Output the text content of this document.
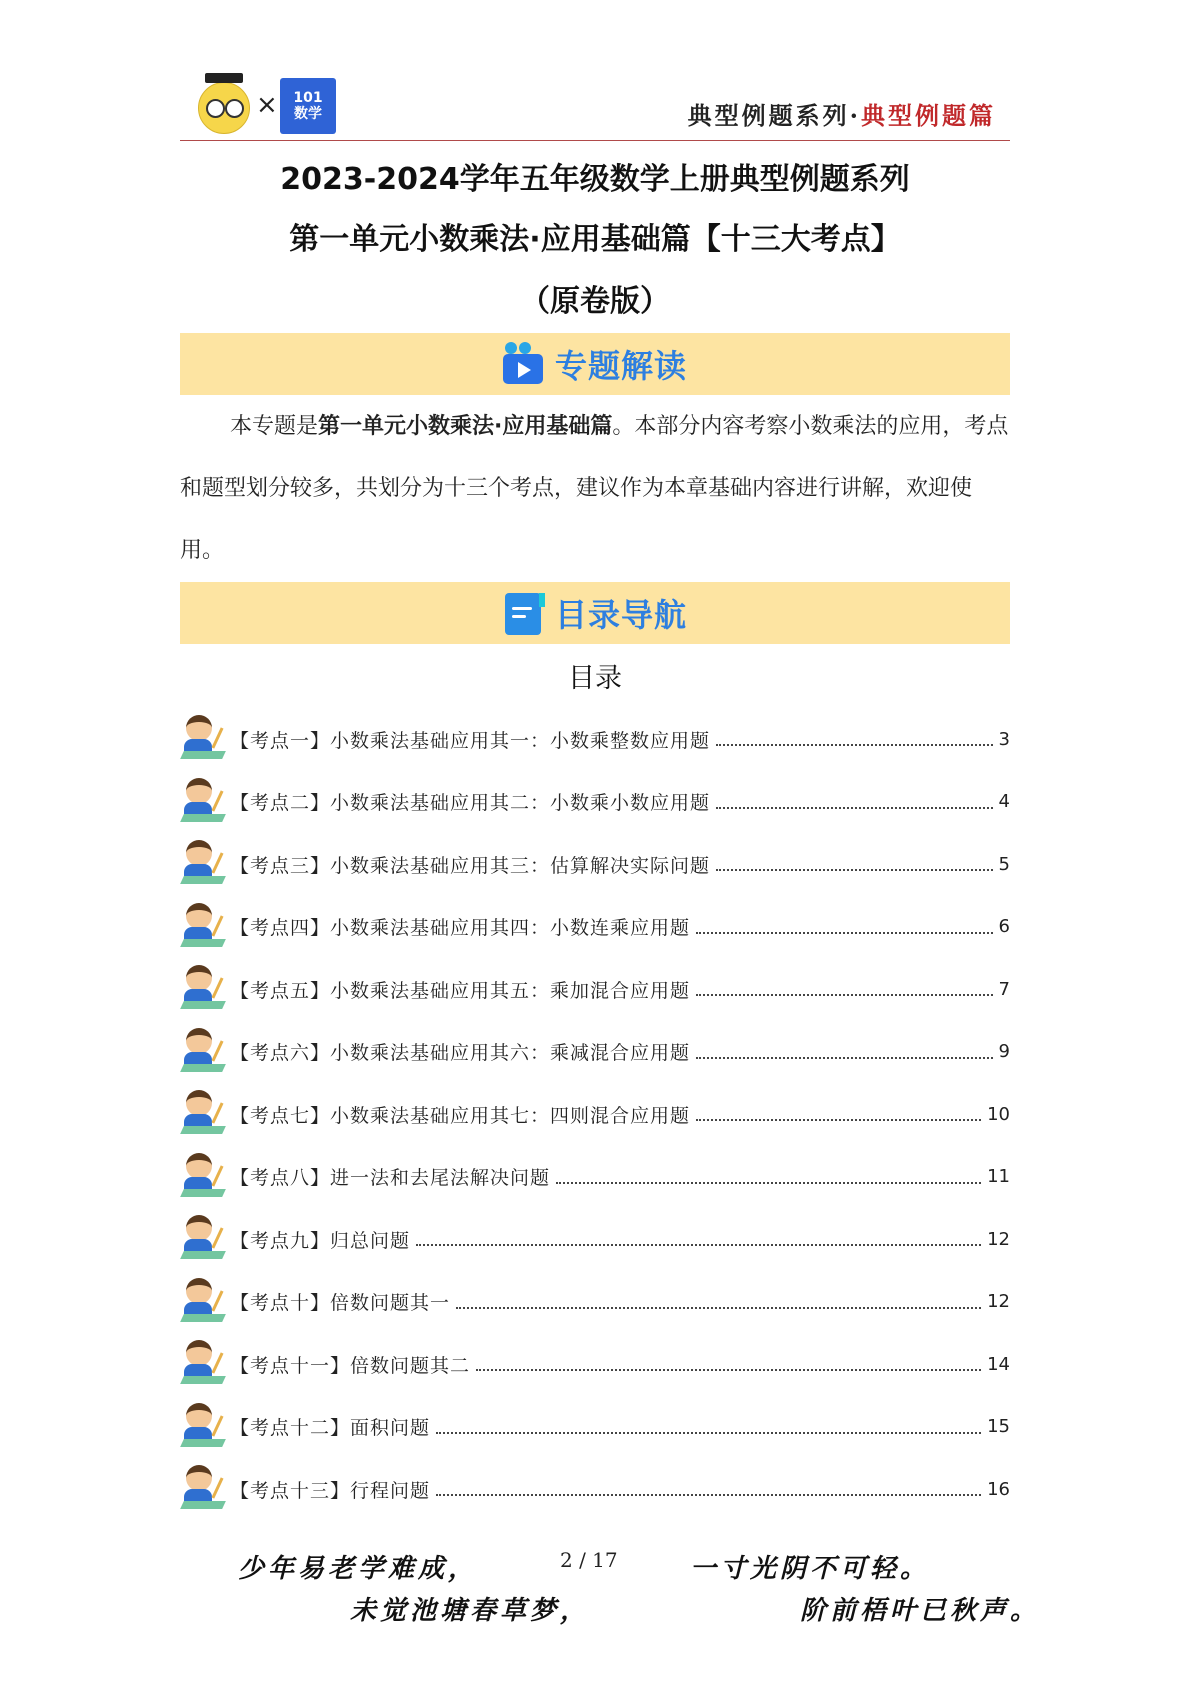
× 101
数学	典型例题系列·典型例题篇
2023-2024学年五年级数学上册典型例题系列
第一单元小数乘法·应用基础篇【十三大考点】
（原卷版）
专题解读
本专题是第一单元小数乘法·应用基础篇。本部分内容考察小数乘法的应用，考点和题型划分较多，共划分为十三个考点，建议作为本章基础内容进行讲解，欢迎使用。
目录导航
目录
【考点一】小数乘法基础应用其一：小数乘整数应用题	3
【考点二】小数乘法基础应用其二：小数乘小数应用题	4
【考点三】小数乘法基础应用其三：估算解决实际问题	5
【考点四】小数乘法基础应用其四：小数连乘应用题	6
【考点五】小数乘法基础应用其五：乘加混合应用题	7
【考点六】小数乘法基础应用其六：乘减混合应用题	9
【考点七】小数乘法基础应用其七：四则混合应用题	10
【考点八】进一法和去尾法解决问题	11
【考点九】归总问题	12
【考点十】倍数问题其一	12
【考点十一】倍数问题其二	14
【考点十二】面积问题	15
【考点十三】行程问题	16
少年易老学难成，	2 / 17	一寸光阴不可轻。
未觉池塘春草梦，	阶前梧叶已秋声。
